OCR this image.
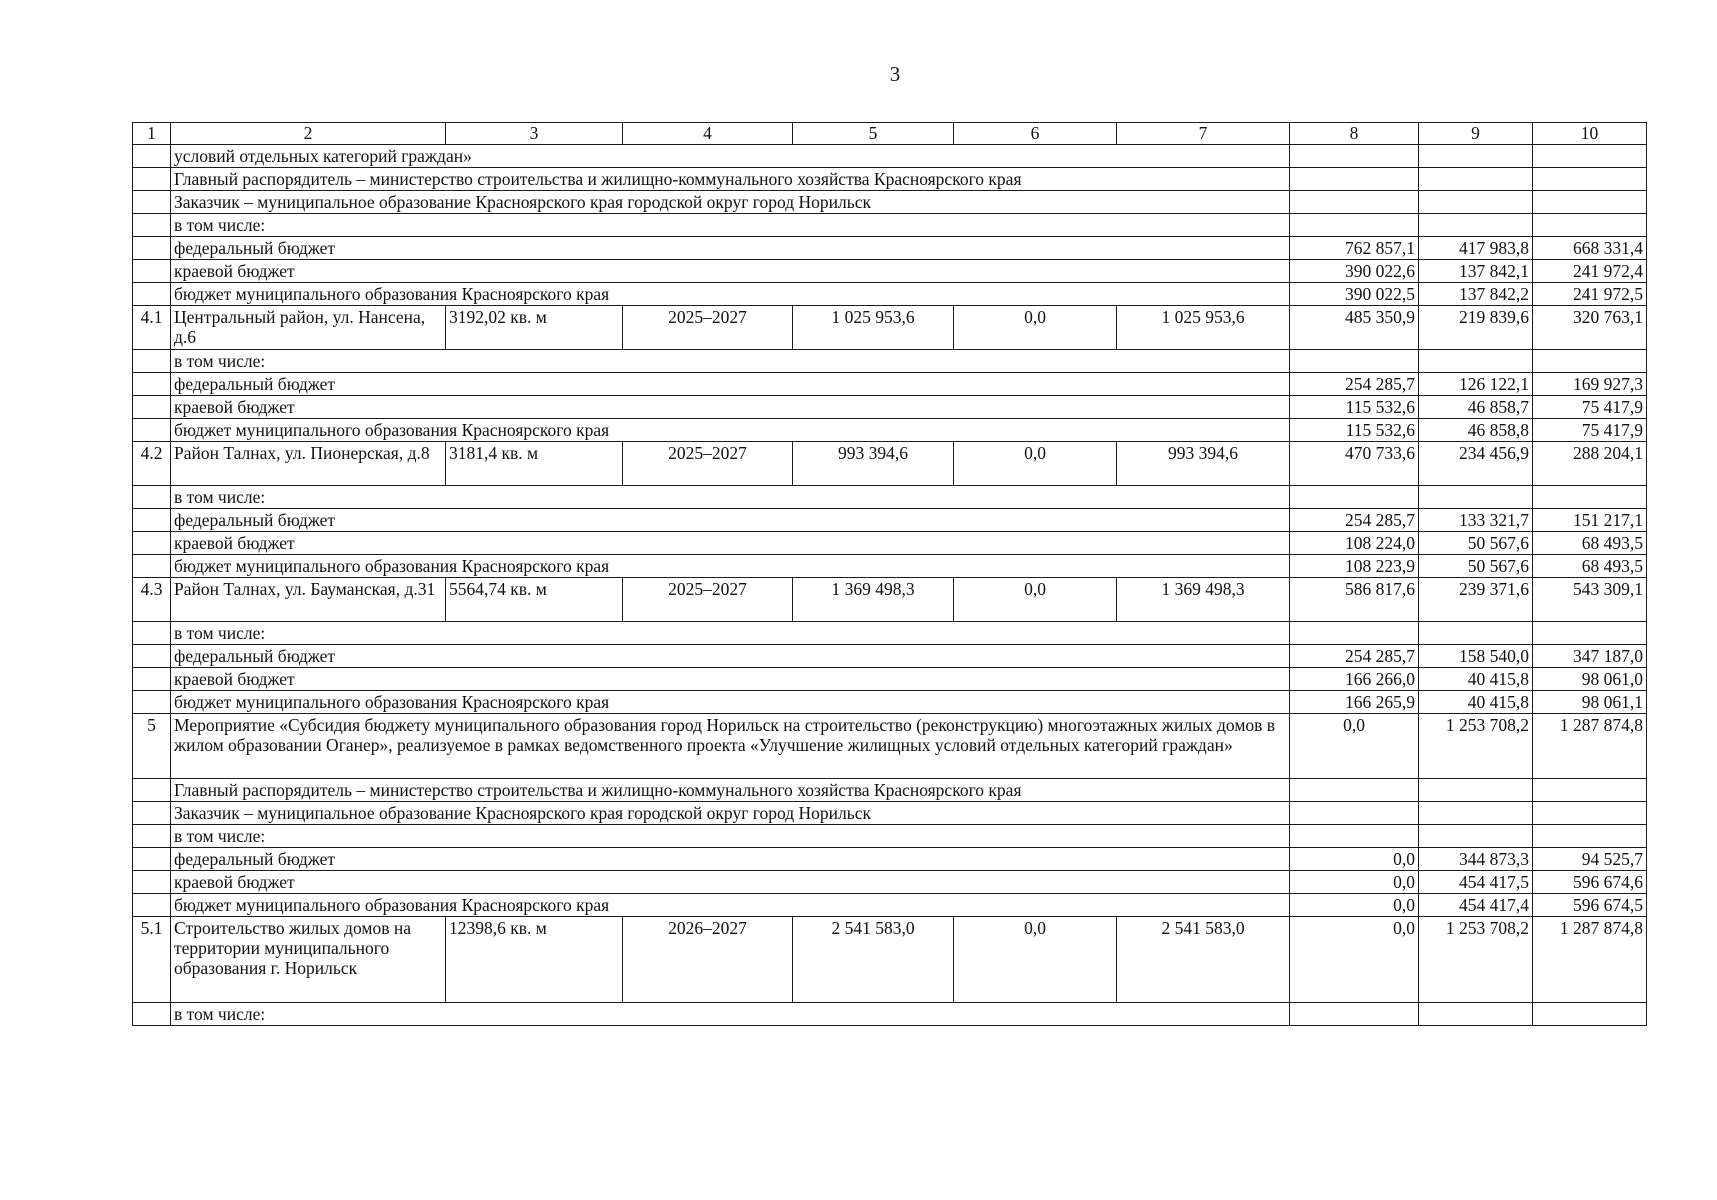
3
1	2	3	4	5	6	7	8	9	10
	условий отдельных категорий граждан»								
	Главный распорядитель – министерство строительства и жилищно-коммунального хозяйства Красноярского края								
	Заказчик – муниципальное образование Красноярского края городской округ город Норильск								
	в том числе:								
	федеральный бюджет						762 857,1	417 983,8	668 331,4
	краевой бюджет						390 022,6	137 842,1	241 972,4
	бюджет муниципального образования Красноярского края						390 022,5	137 842,2	241 972,5
4.1	Центральный район, ул. Нансена, д.6	3192,02 кв. м	2025–2027	1 025 953,6	0,0	1 025 953,6	485 350,9	219 839,6	320 763,1
	в том числе:								
	федеральный бюджет						254 285,7	126 122,1	169 927,3
	краевой бюджет						115 532,6	46 858,7	75 417,9
	бюджет муниципального образования Красноярского края						115 532,6	46 858,8	75 417,9
4.2	Район Талнах, ул. Пионерская, д.8	3181,4 кв. м	2025–2027	993 394,6	0,0	993 394,6	470 733,6	234 456,9	288 204,1
	в том числе:								
	федеральный бюджет						254 285,7	133 321,7	151 217,1
	краевой бюджет						108 224,0	50 567,6	68 493,5
	бюджет муниципального образования Красноярского края						108 223,9	50 567,6	68 493,5
4.3	Район Талнах, ул. Бауманская, д.31	5564,74 кв. м	2025–2027	1 369 498,3	0,0	1 369 498,3	586 817,6	239 371,6	543 309,1
	в том числе:								
	федеральный бюджет						254 285,7	158 540,0	347 187,0
	краевой бюджет						166 266,0	40 415,8	98 061,0
	бюджет муниципального образования Красноярского края						166 265,9	40 415,8	98 061,1
5	Мероприятие «Субсидия бюджету муниципального образования город Норильск на строительство (реконструкцию) многоэтажных жилых домов в жилом образовании Оганер», реализуемое в рамках ведомственного проекта «Улучшение жилищных условий отдельных категорий граждан»						0,0	1 253 708,2	1 287 874,8
	Главный распорядитель – министерство строительства и жилищно-коммунального хозяйства Красноярского края								
	Заказчик – муниципальное образование Красноярского края городской округ город Норильск								
	в том числе:								
	федеральный бюджет						0,0	344 873,3	94 525,7
	краевой бюджет						0,0	454 417,5	596 674,6
	бюджет муниципального образования Красноярского края						0,0	454 417,4	596 674,5
5.1	Строительство жилых домов на территории муниципального образования г. Норильск	12398,6 кв. м	2026–2027	2 541 583,0	0,0	2 541 583,0	0,0	1 253 708,2	1 287 874,8
	в том числе:								
